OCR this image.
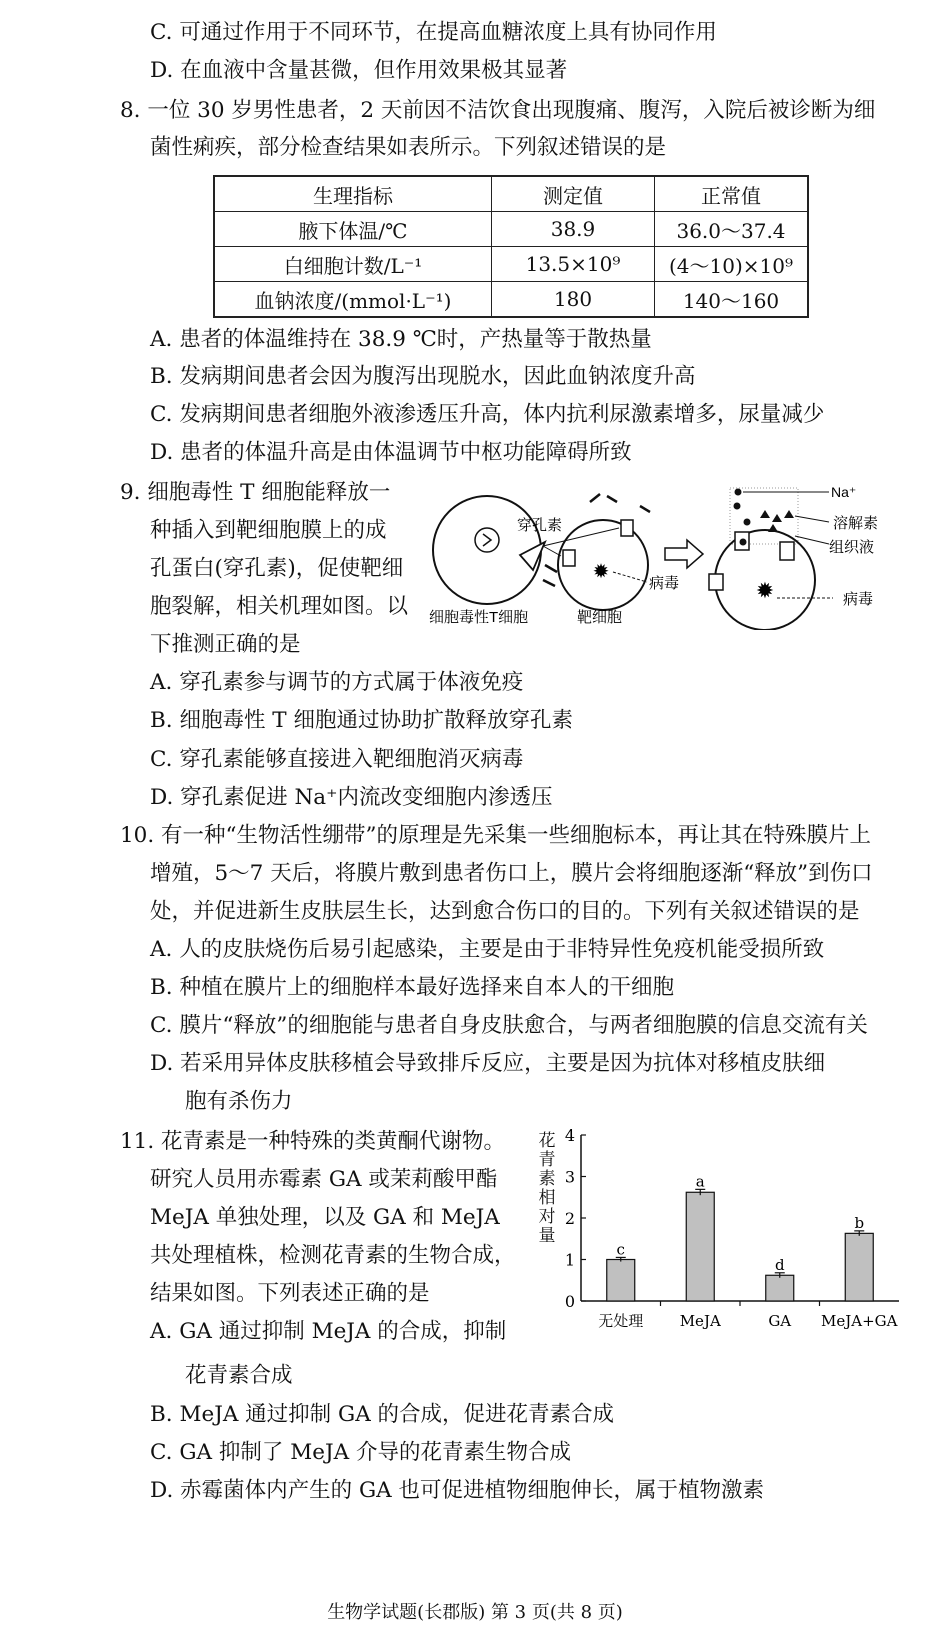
C. 可通过作用于不同环节，在提高血糖浓度上具有协同作用
D. 在血液中含量甚微，但作用效果极其显著
8. 一位 30 岁男性患者，2 天前因不洁饮食出现腹痛、腹泻，入院后被诊断为细
菌性痢疾，部分检查结果如表所示。下列叙述错误的是
生理指标	测定值	正常值
腋下体温/℃	38.9	36.0～37.4
白细胞计数/L⁻¹	13.5×10⁹	(4～10)×10⁹
血钠浓度/(mmol·L⁻¹)	180	140～160
A. 患者的体温维持在 38.9 ℃时，产热量等于散热量
B. 发病期间患者会因为腹泻出现脱水，因此血钠浓度升高
C. 发病期间患者细胞外液渗透压升高，体内抗利尿激素增多，尿量减少
D. 患者的体温升高是由体温调节中枢功能障碍所致
9. 细胞毒性 T 细胞能释放一
种插入到靶细胞膜上的成
孔蛋白(穿孔素)，促使靶细
胞裂解，相关机理如图。以
下推测正确的是
✹
穿孔素
病毒
细胞毒性T细胞	靶细胞
✹
Na⁺
溶解素
组织液
病毒
A. 穿孔素参与调节的方式属于体液免疫
B. 细胞毒性 T 细胞通过协助扩散释放穿孔素
C. 穿孔素能够直接进入靶细胞消灭病毒
D. 穿孔素促进 Na⁺内流改变细胞内渗透压
10. 有一种“生物活性绷带”的原理是先采集一些细胞标本，再让其在特殊膜片上
增殖，5～7 天后，将膜片敷到患者伤口上，膜片会将细胞逐渐“释放”到伤口
处，并促进新生皮肤层生长，达到愈合伤口的目的。下列有关叙述错误的是
A. 人的皮肤烧伤后易引起感染，主要是由于非特异性免疫机能受损所致
B. 种植在膜片上的细胞样本最好选择来自本人的干细胞
C. 膜片“释放”的细胞能与患者自身皮肤愈合，与两者细胞膜的信息交流有关
D. 若采用异体皮肤移植会导致排斥反应，主要是因为抗体对移植皮肤细
胞有杀伤力
11. 花青素是一种特殊的类黄酮代谢物。
研究人员用赤霉素 GA 或茉莉酸甲酯
MeJA 单独处理，以及 GA 和 MeJA
共处理植株，检测花青素的生物合成，
结果如图。下列表述正确的是
A. GA 通过抑制 MeJA 的合成，抑制
花青素合成
B. MeJA 通过抑制 GA 的合成，促进花青素合成
C. GA 抑制了 MeJA 介导的花青素生物合成
D. 赤霉菌体内产生的 GA 也可促进植物细胞伸长，属于植物激素
花
青
素
相
对
量
0
1
2
3
4
c
无处理
a
MeJA
d
GA
b
MeJA+GA
生物学试题(长郡版) 第 3 页(共 8 页)
